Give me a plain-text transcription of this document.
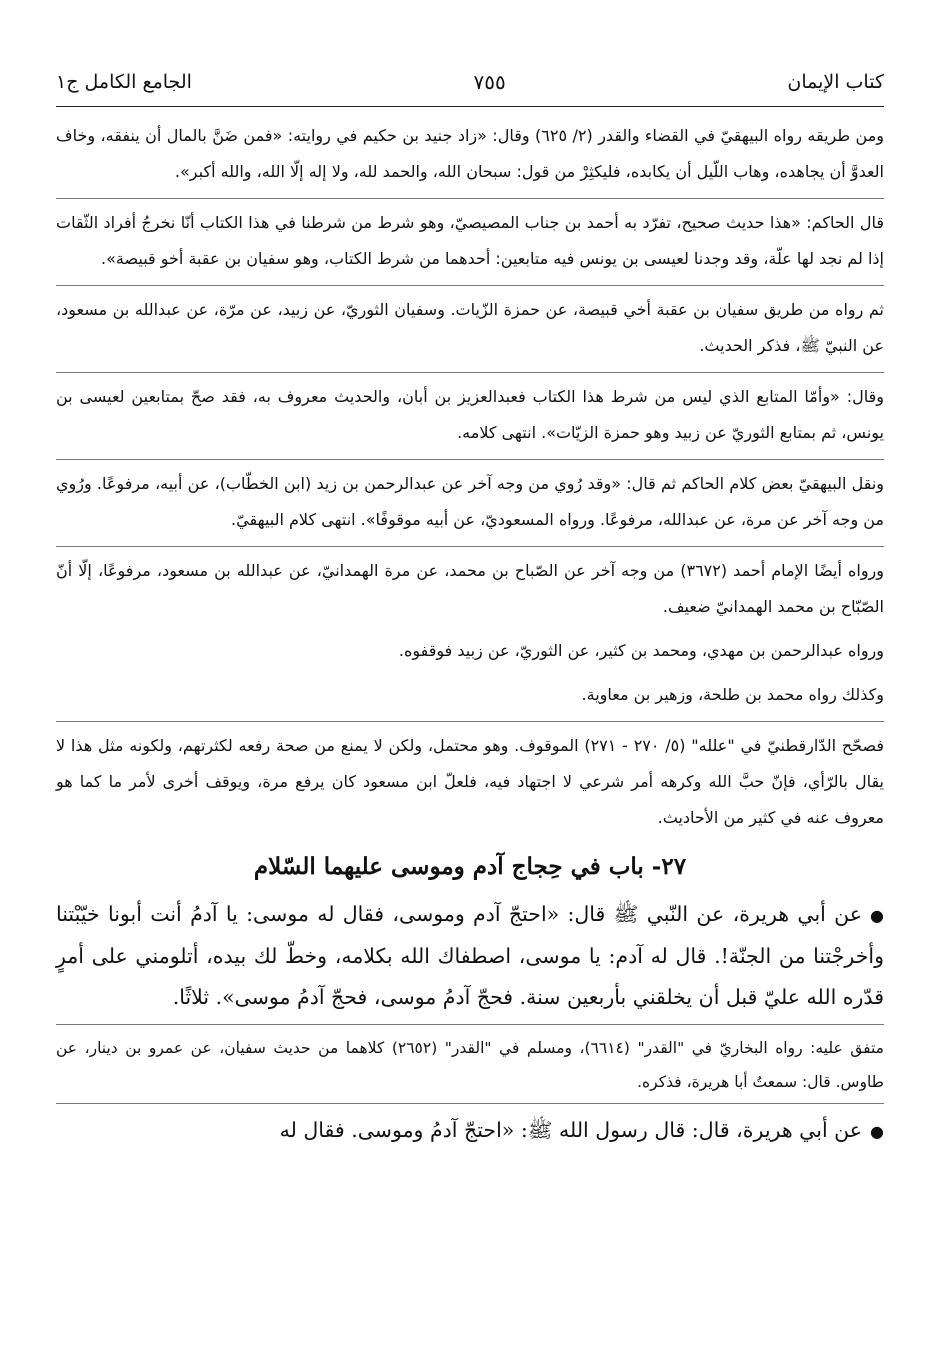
كتاب الإيمان
٧٥٥
الجامع الكامل ج١

ومن طريقه رواه البيهقيّ في القضاء والقدر (٢/ ٦٢٥) وقال: «زاد جنيد بن حكيم في روايته: «فمن ضَنَّ بالمال أن ينفقه، وخاف العدوَّ أن يجاهده، وهاب اللّيل أن يكابده، فليكثِرْ من قول: سبحان الله، والحمد لله، ولا إله إلّا الله، والله أكبر».

قال الحاكم: «هذا حديث صحيح، تفرّد به أحمد بن جناب المصيصيّ، وهو شرط من شرطنا في هذا الكتاب أنّا نخرجُ أفراد الثّقات إذا لم نجد لها علّة، وقد وجدنا لعيسى بن يونس فيه متابعين: أحدهما من شرط الكتاب، وهو سفيان بن عقبة أخو قبيصة».

ثم رواه من طريق سفيان بن عقبة أخي قبيصة، عن حمزة الزّيات. وسفيان الثوريّ، عن زبيد، عن مرّة، عن عبدالله بن مسعود، عن النبيّ ﷺ، فذكر الحديث.

وقال: «وأمّا المتابع الذي ليس من شرط هذا الكتاب فعبدالعزيز بن أبان، والحديث معروف به، فقد صحّ بمتابعين لعيسى بن يونس، ثم بمتابع الثوريّ عن زبيد وهو حمزة الزيّات». انتهى كلامه.

ونقل البيهقيّ بعض كلام الحاكم ثم قال: «وقد رُوي من وجه آخر عن عبدالرحمن بن زيد (ابن الخطّاب)، عن أبيه، مرفوعًا. ورُوي من وجه آخر عن مرة، عن عبدالله، مرفوعًا. ورواه المسعوديّ، عن أبيه موقوفًا». انتهى كلام البيهقيّ.

ورواه أيضًا الإمام أحمد (٣٦٧٢) من وجه آخر عن الصّباح بن محمد، عن مرة الهمدانيّ، عن عبدالله بن مسعود، مرفوعًا، إلّا أنّ الصّبّاح بن محمد الهمدانيّ ضعيف.

ورواه عبدالرحمن بن مهدي، ومحمد بن كثير، عن الثوريّ، عن زبيد فوقفوه.

وكذلك رواه محمد بن طلحة، وزهير بن معاوية.

فصحّح الدّارقطنيّ في "علله" (٥/ ٢٧٠ - ٢٧١) الموقوف. وهو محتمل، ولكن لا يمنع من صحة رفعه لكثرتهم، ولكونه مثل هذا لا يقال بالرّأي، فإنّ حبَّ الله وكرهه أمر شرعي لا اجتهاد فيه، فلعلّ ابن مسعود كان يرفع مرة، ويوقف أخرى لأمر ما كما هو معروف عنه في كثير من الأحاديث.

٢٧- باب في حِجاج آدم وموسى عليهما السّلام

●عن أبي هريرة، عن النّبي ﷺ قال: «احتجّ آدم وموسى، فقال له موسى: يا آدمُ أنت أبونا خيّبْتنا وأخرجْتنا من الجنّة!. قال له آدم: يا موسى، اصطفاك الله بكلامه، وخطّ لك بيده، أتلومني على أمرٍ قدّره الله عليّ قبل أن يخلقني بأربعين سنة. فحجّ آدمُ موسى، فحجّ آدمُ موسى». ثلاثًا.

متفق عليه: رواه البخاريّ في "القدر" (٦٦١٤)، ومسلم في "القدر" (٢٦٥٢) كلاهما من حديث سفيان، عن عمرو بن دينار، عن طاوس. قال: سمعتُ أبا هريرة، فذكره.

●عن أبي هريرة، قال: قال رسول الله ﷺ: «احتجّ آدمُ وموسى. فقال له
